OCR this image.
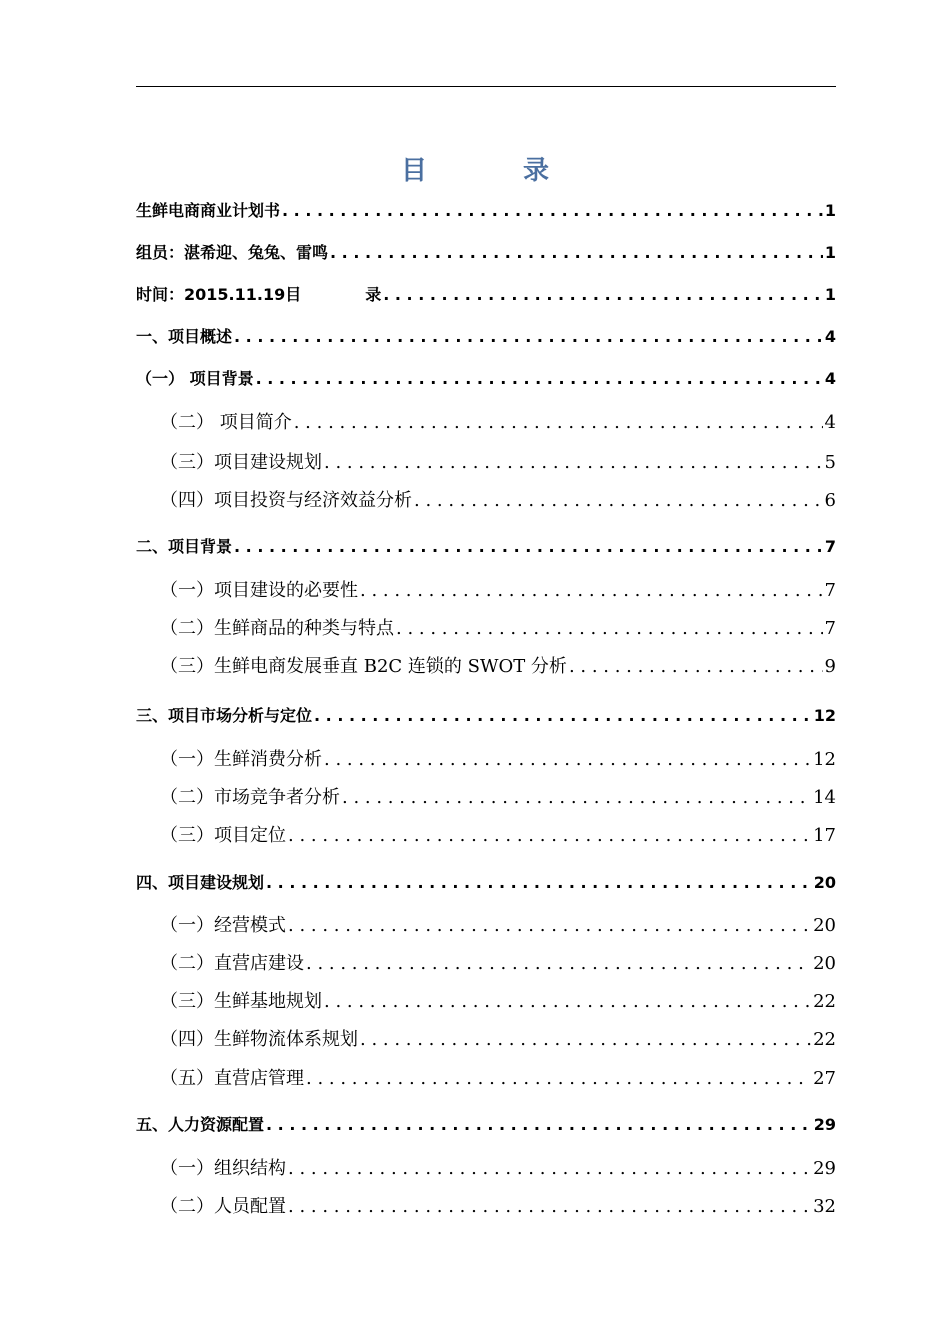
目	录
生鲜电商商业计划书 . . .	1
组员：湛希迎、兔兔、雷鸣 . . .	1
时间：2015.11.19目	录 . . .	1
一、项目概述 . . .	4
（一） 项目背景 . . .	4
（二） 项目简介 . . .	4
（三）项目建设规划 . . .	5
（四）项目投资与经济效益分析 . . .	6
二、项目背景 . . .	7
（一）项目建设的必要性 . . .	7
（二）生鲜商品的种类与特点 . . .	7
（三）生鲜电商发展垂直 B2C 连锁的 SWOT 分析 . . .	9
三、项目市场分析与定位 . . .	12
（一）生鲜消费分析 . . .	12
（二）市场竞争者分析 . . .	14
（三）项目定位 . . .	17
四、项目建设规划 . . .	20
（一）经营模式 . . .	20
（二）直营店建设 . . .	20
（三）生鲜基地规划 . . .	22
（四）生鲜物流体系规划 . . .	22
（五）直营店管理 . . .	27
五、人力资源配置 . . .	29
（一）组织结构 . . .	29
（二）人员配置 . . .	32
